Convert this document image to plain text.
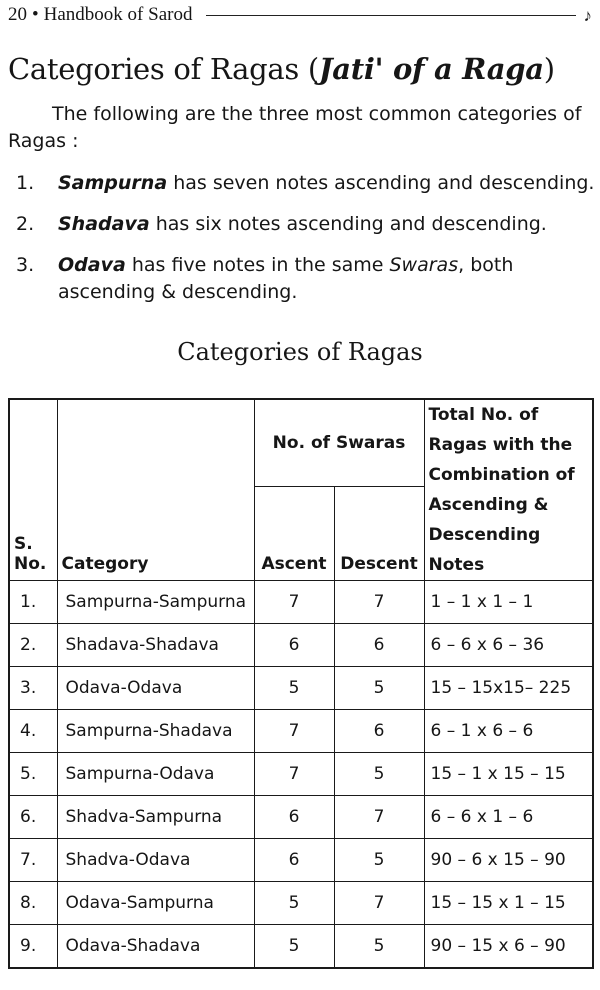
20 • Handbook of Sarod	♪
Categories of Ragas (Jati' of a Raga)

The following are the three most common categories of Ragas :

1.	Sampurna has seven notes ascending and descending.
2.	Shadava has six notes ascending and descending.
3.	Odava has five notes in the same Swaras, both ascending & descending.
Categories of Ragas
S.
No.	Category	No. of Swaras		Total No. of Ragas with the Combination of Ascending & Descending Notes
		Ascent	Descent	
1.	Sampurna-Sampurna	7	7	1 – 1 x 1 – 1
2.	Shadava-Shadava	6	6	6 – 6 x 6 – 36
3.	Odava-Odava	5	5	15 – 15x15– 225
4.	Sampurna-Shadava	7	6	6 – 1 x 6 – 6
5.	Sampurna-Odava	7	5	15 – 1 x 15 – 15
6.	Shadva-Sampurna	6	7	6 – 6 x 1 – 6
7.	Shadva-Odava	6	5	90 – 6 x 15 – 90
8.	Odava-Sampurna	5	7	15 – 15 x 1 – 15
9.	Odava-Shadava	5	5	90 – 15 x 6 – 90
